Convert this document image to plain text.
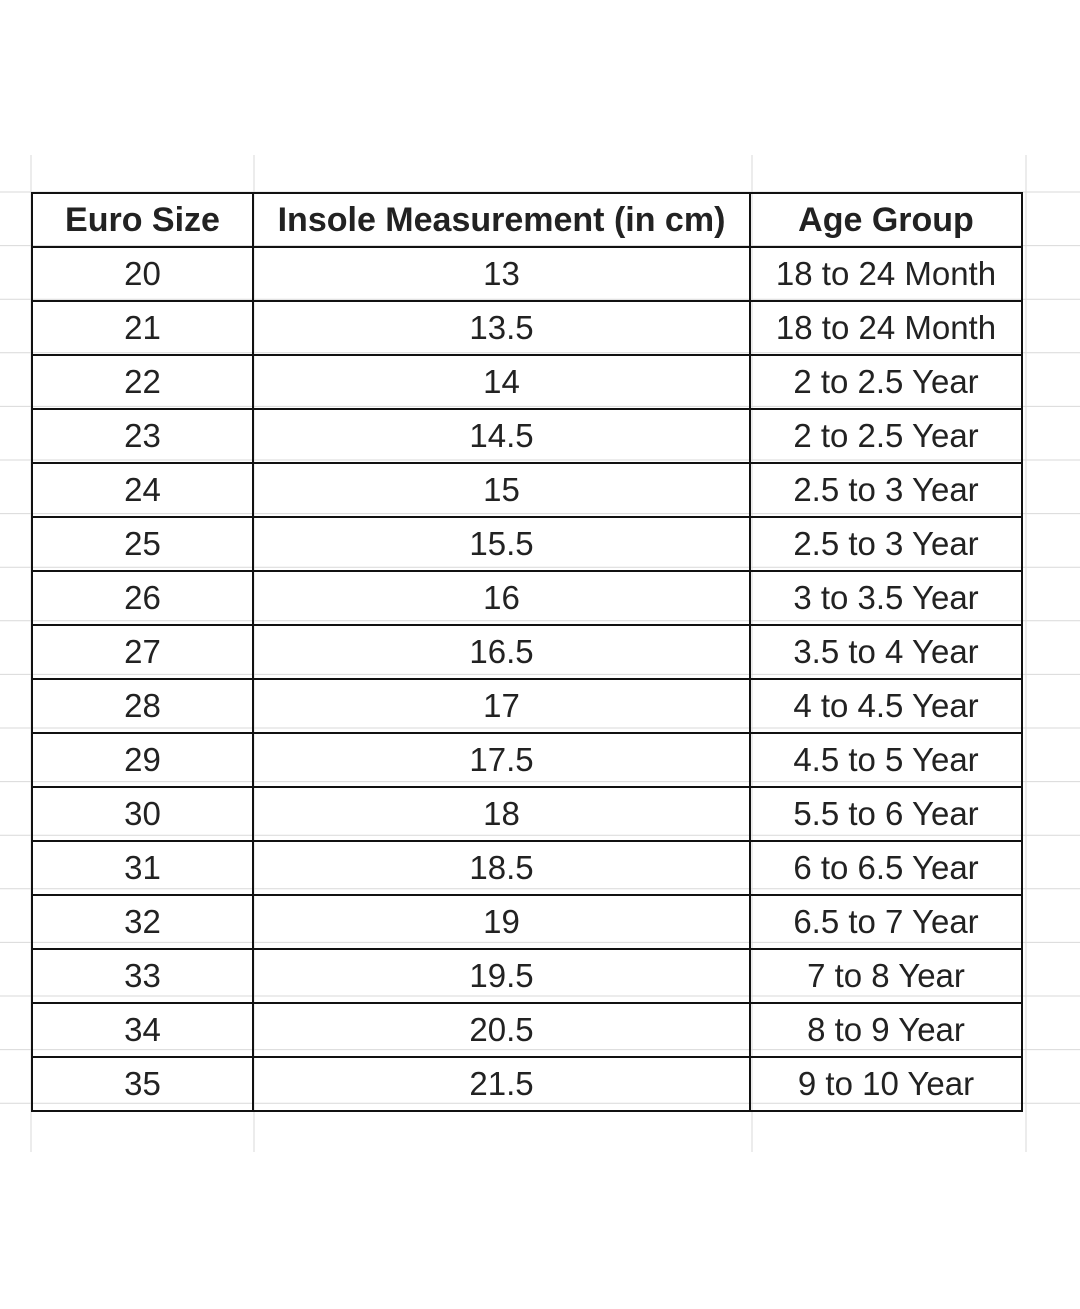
Euro Size	Insole Measurement (in cm)	Age Group
20	13	18 to 24 Month
21	13.5	18 to 24 Month
22	14	2 to 2.5 Year
23	14.5	2 to 2.5 Year
24	15	2.5 to 3 Year
25	15.5	2.5 to 3 Year
26	16	3 to 3.5 Year
27	16.5	3.5 to 4 Year
28	17	4 to 4.5 Year
29	17.5	4.5 to 5 Year
30	18	5.5 to 6 Year
31	18.5	6 to 6.5 Year
32	19	6.5 to 7 Year
33	19.5	7 to 8 Year
34	20.5	8 to 9 Year
35	21.5	9 to 10 Year
